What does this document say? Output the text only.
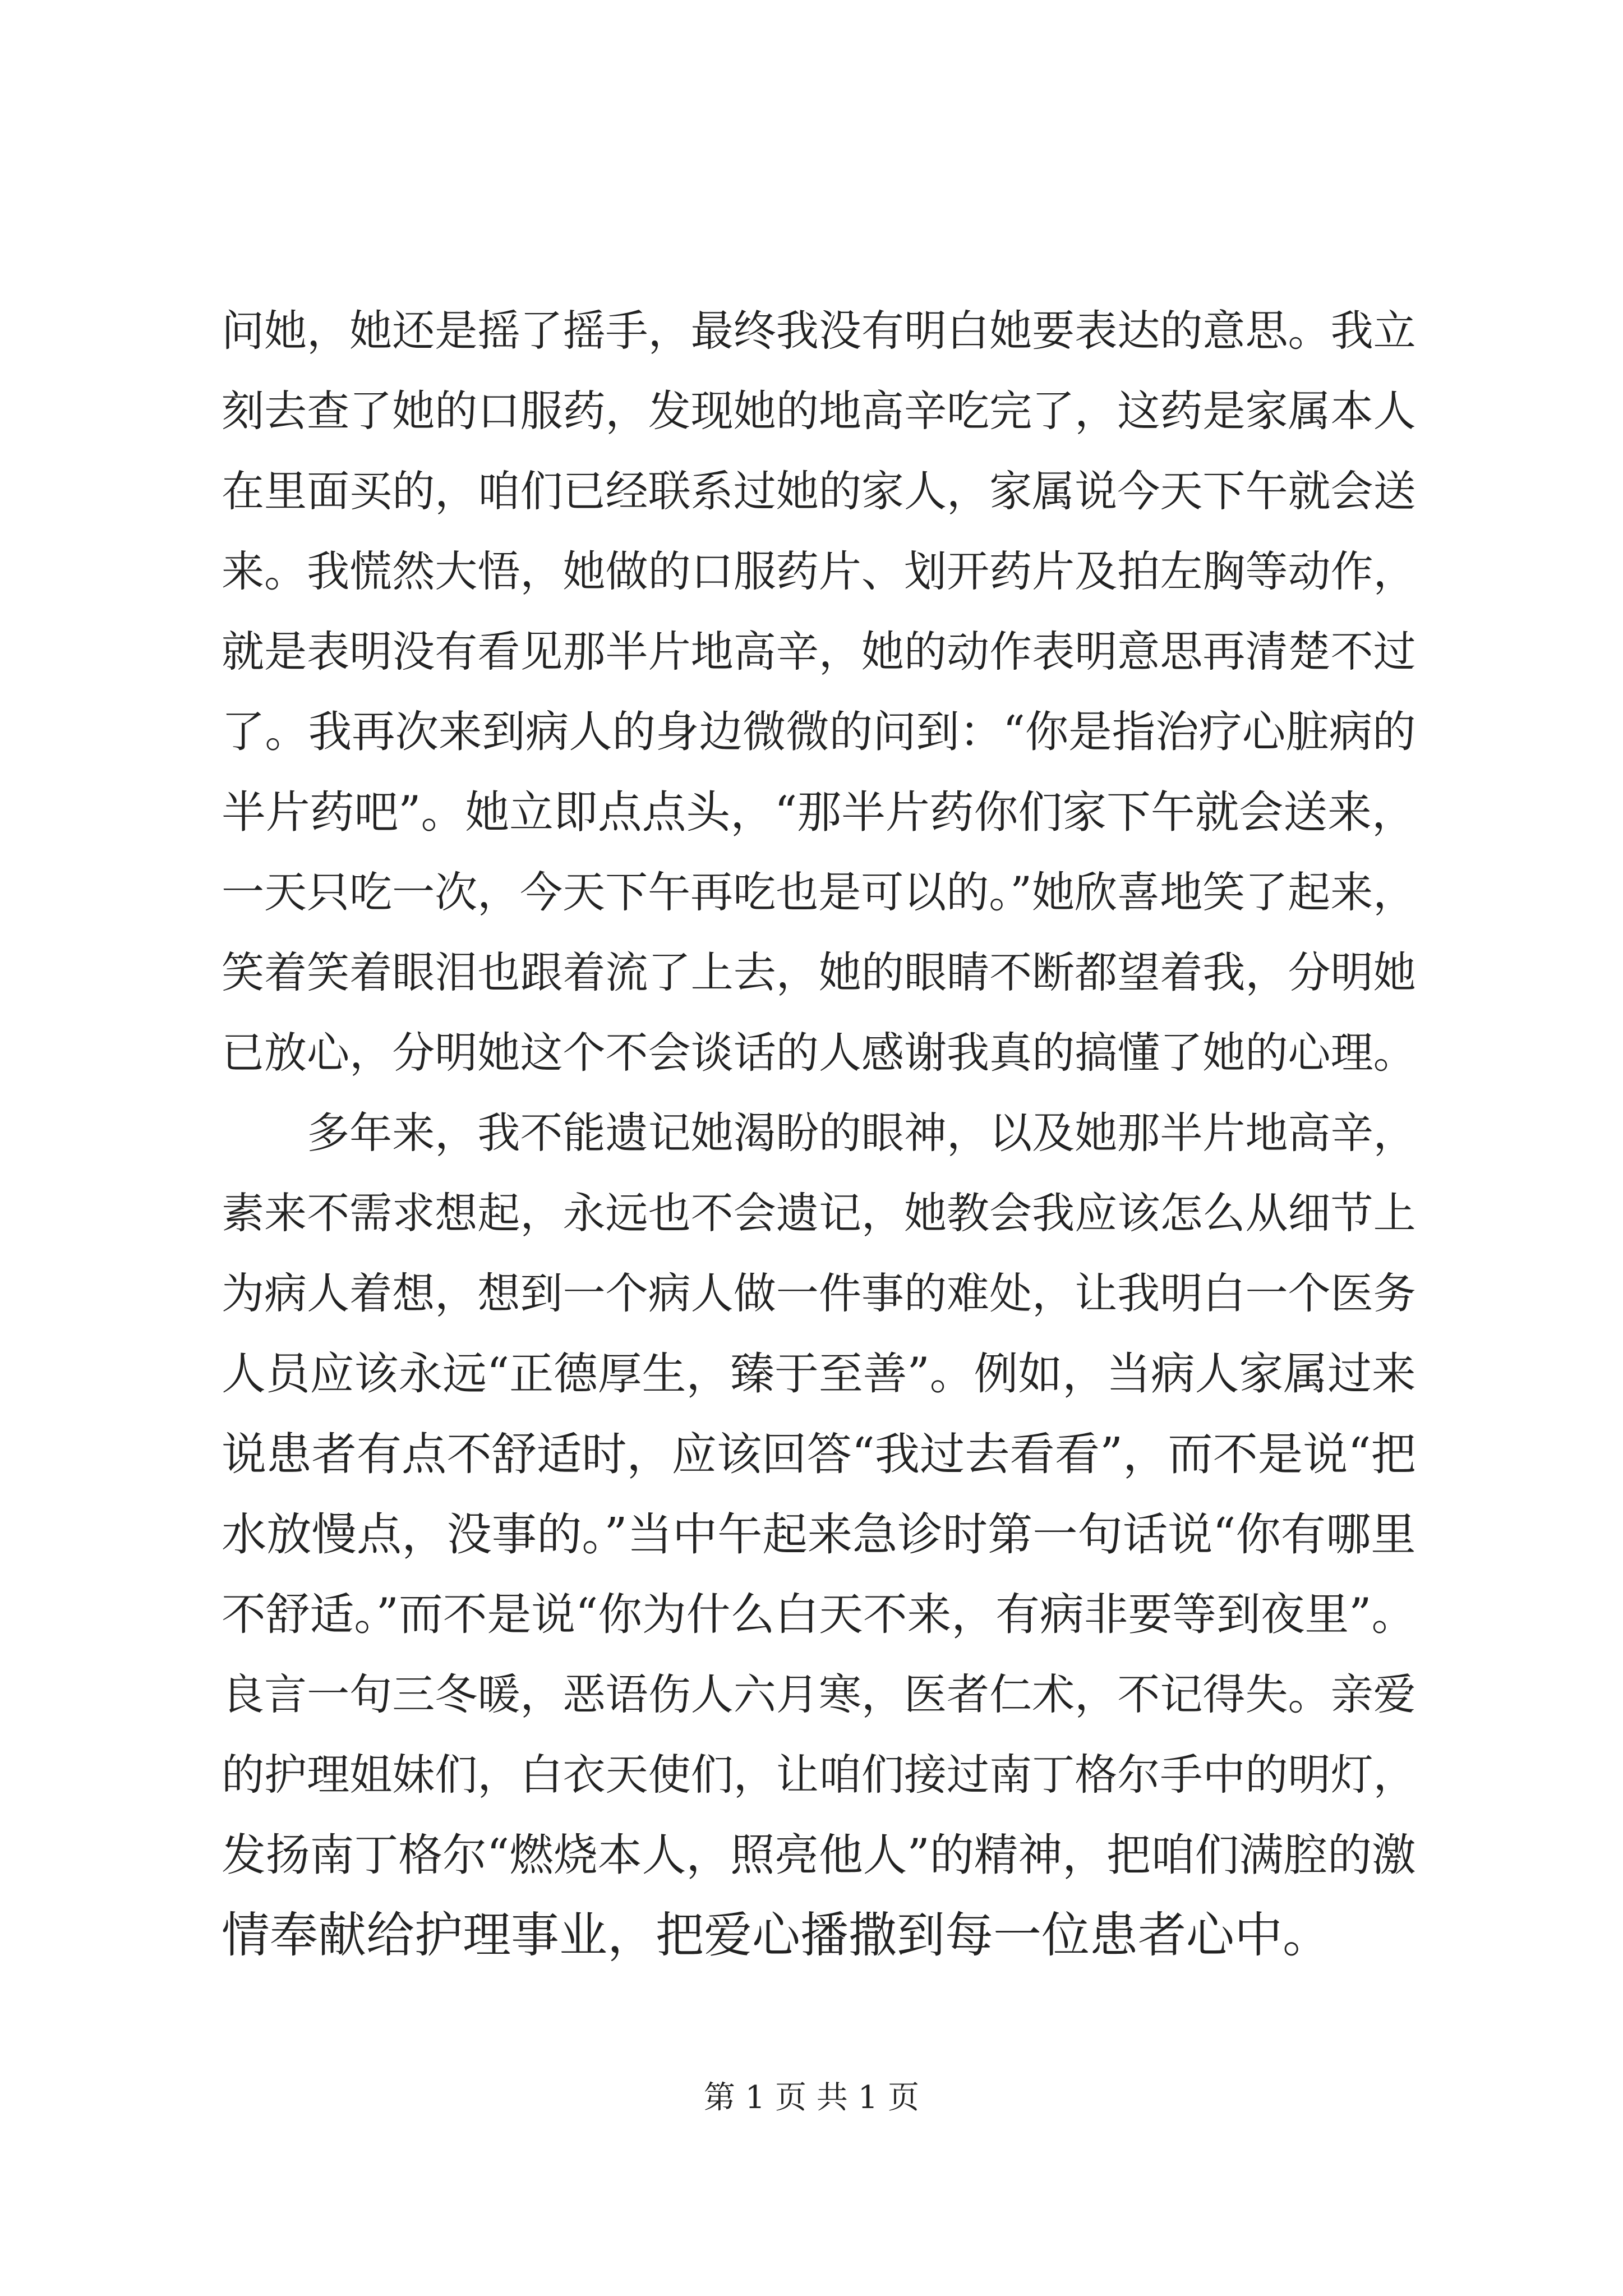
问她，她还是摇了摇手，最终我没有明白她要表达的意思。我立
刻去查了她的口服药，发现她的地高辛吃完了，这药是家属本人
在里面买的，咱们已经联系过她的家人，家属说今天下午就会送
来。我慌然大悟，她做的口服药片、划开药片及拍左胸等动作，
就是表明没有看见那半片地高辛，她的动作表明意思再清楚不过
了。我再次来到病人的身边微微的问到：“你是指治疗心脏病的
半片药吧”。她立即点点头，“那半片药你们家下午就会送来，
一天只吃一次，今天下午再吃也是可以的。”她欣喜地笑了起来，
笑着笑着眼泪也跟着流了上去，她的眼睛不断都望着我，分明她
已放心，分明她这个不会谈话的人感谢我真的搞懂了她的心理。
　　多年来，我不能遗记她渴盼的眼神，以及她那半片地高辛，
素来不需求想起，永远也不会遗记，她教会我应该怎么从细节上
为病人着想，想到一个病人做一件事的难处，让我明白一个医务
人员应该永远“正德厚生，臻于至善”。例如，当病人家属过来
说患者有点不舒适时，应该回答“我过去看看”，而不是说“把
水放慢点，没事的。”当中午起来急诊时第一句话说“你有哪里
不舒适。”而不是说“你为什么白天不来，有病非要等到夜里”。
良言一句三冬暖，恶语伤人六月寒，医者仁术，不记得失。亲爱
的护理姐妹们，白衣天使们，让咱们接过南丁格尔手中的明灯，
发扬南丁格尔“燃烧本人，照亮他人”的精神，把咱们满腔的激
情奉献给护理事业，把爱心播撒到每一位患者心中。
第 1 页 共 1 页
